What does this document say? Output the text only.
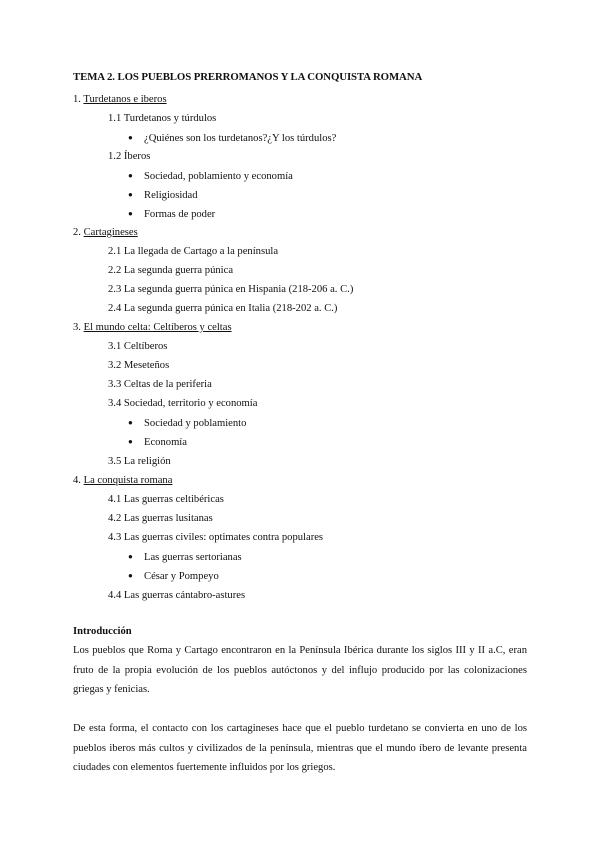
TEMA 2. LOS PUEBLOS PRERROMANOS Y LA CONQUISTA ROMANA
1. Turdetanos e iberos
1.1 Turdetanos y túrdulos
● ¿Quiénes son los turdetanos?¿Y los túrdulos?
1.2 Íberos
● Sociedad, poblamiento y economía
● Religiosidad
● Formas de poder
2. Cartagineses
2.1 La llegada de Cartago a la península
2.2 La segunda guerra púnica
2.3 La segunda guerra púnica en Hispania (218-206 a. C.)
2.4 La segunda guerra púnica en Italia (218-202 a. C.)
3. El mundo celta: Celtíberos y celtas
3.1 Celtíberos
3.2 Meseteños
3.3 Celtas de la periferia
3.4 Sociedad, territorio y economía
● Sociedad y poblamiento
● Economía
3.5 La religión
4. La conquista romana
4.1 Las guerras celtibéricas
4.2 Las guerras lusitanas
4.3 Las guerras civiles: optimates contra populares
● Las guerras sertorianas
● César y Pompeyo
4.4 Las guerras cántabro-astures
Introducción

Los pueblos que Roma y Cartago encontraron en la Península Ibérica durante los siglos III y II a.C, eran fruto de la propia evolución de los pueblos autóctonos y del influjo producido por las colonizaciones griegas y fenicias.

De esta forma, el contacto con los cartagineses hace que el pueblo turdetano se convierta en uno de los pueblos iberos más cultos y civilizados de la península, mientras que el mundo íbero de levante presenta ciudades con elementos fuertemente influidos por los griegos.
